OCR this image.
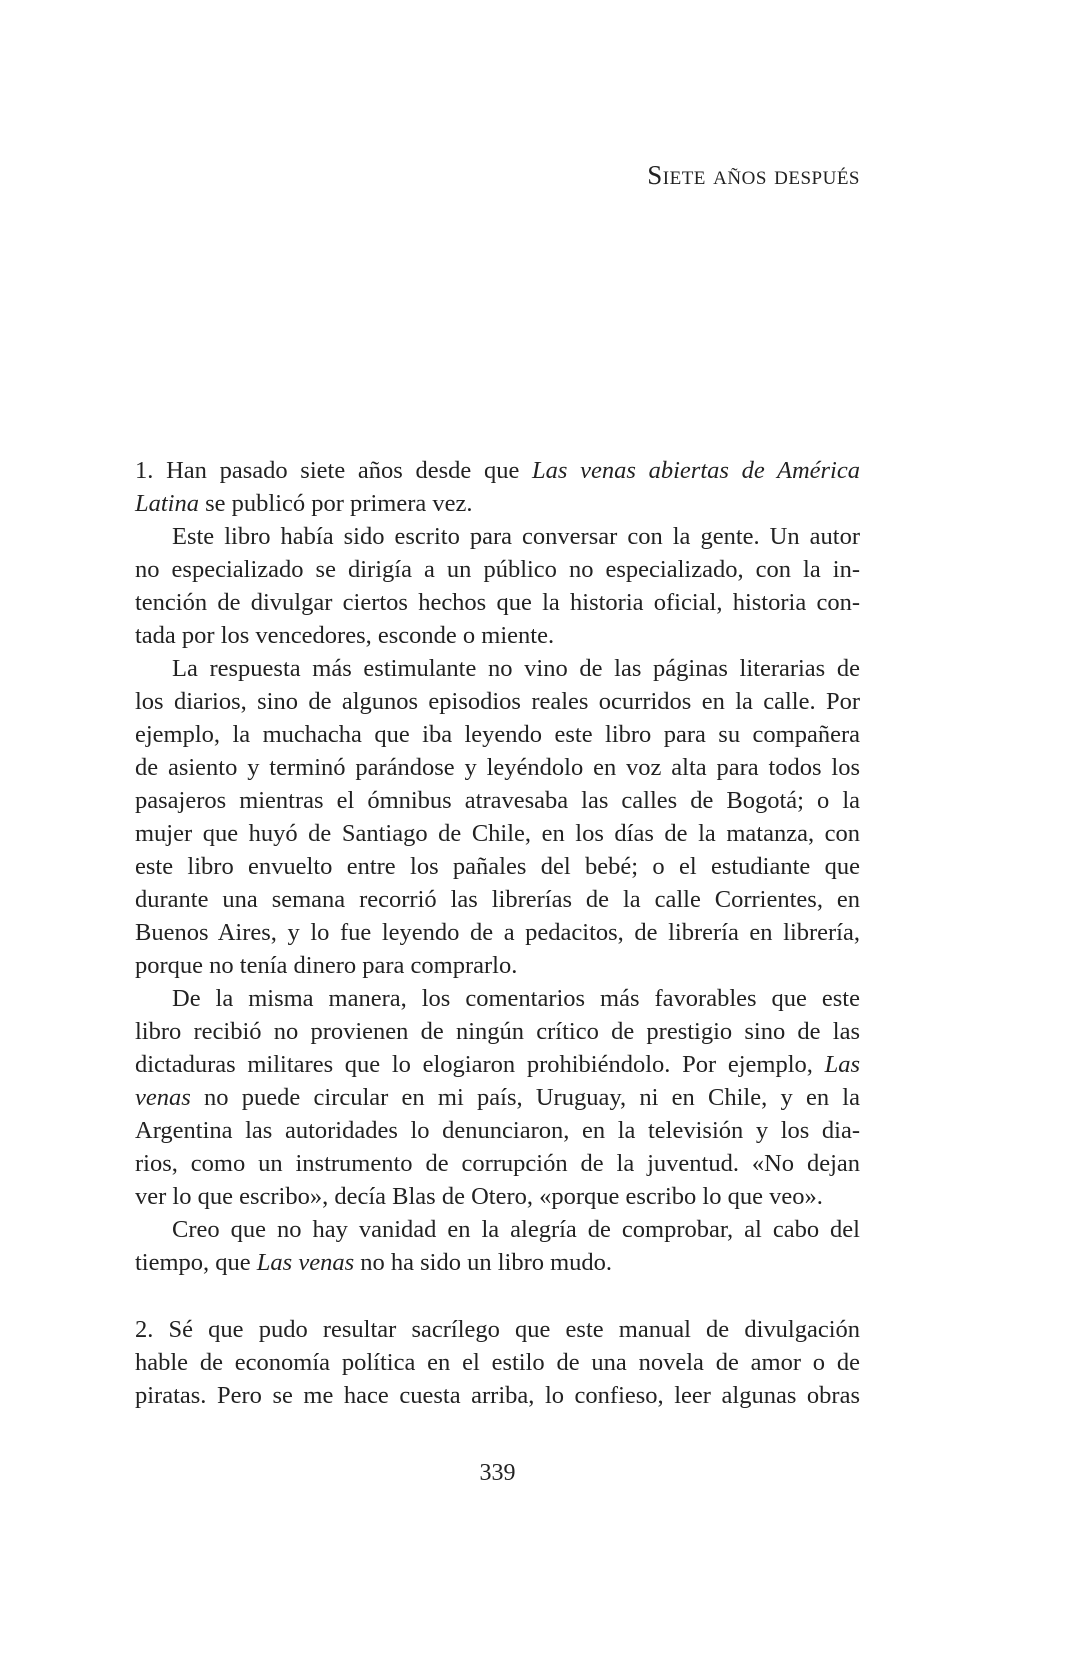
Siete años después
1. Han pasado siete años desde que Las venas abiertas de América
Latina se publicó por primera vez.
Este libro había sido escrito para conversar con la gente. Un autor
no especializado se dirigía a un público no especializado, con la in-
tención de divulgar ciertos hechos que la historia oficial, historia con-
tada por los vencedores, esconde o miente.
La respuesta más estimulante no vino de las páginas literarias de
los diarios, sino de algunos episodios reales ocurridos en la calle. Por
ejemplo, la muchacha que iba leyendo este libro para su compañera
de asiento y terminó parándose y leyéndolo en voz alta para todos los
pasajeros mientras el ómnibus atravesaba las calles de Bogotá; o la
mujer que huyó de Santiago de Chile, en los días de la matanza, con
este libro envuelto entre los pañales del bebé; o el estudiante que
durante una semana recorrió las librerías de la calle Corrientes, en
Buenos Aires, y lo fue leyendo de a pedacitos, de librería en librería,
porque no tenía dinero para comprarlo.
De la misma manera, los comentarios más favorables que este
libro recibió no provienen de ningún crítico de prestigio sino de las
dictaduras militares que lo elogiaron prohibiéndolo. Por ejemplo, Las
venas no puede circular en mi país, Uruguay, ni en Chile, y en la
Argentina las autoridades lo denunciaron, en la televisión y los dia-
rios, como un instrumento de corrupción de la juventud. «No dejan
ver lo que escribo», decía Blas de Otero, «porque escribo lo que veo».
Creo que no hay vanidad en la alegría de comprobar, al cabo del
tiempo, que Las venas no ha sido un libro mudo.
2. Sé que pudo resultar sacrílego que este manual de divulgación
hable de economía política en el estilo de una novela de amor o de
piratas. Pero se me hace cuesta arriba, lo confieso, leer algunas obras
339
